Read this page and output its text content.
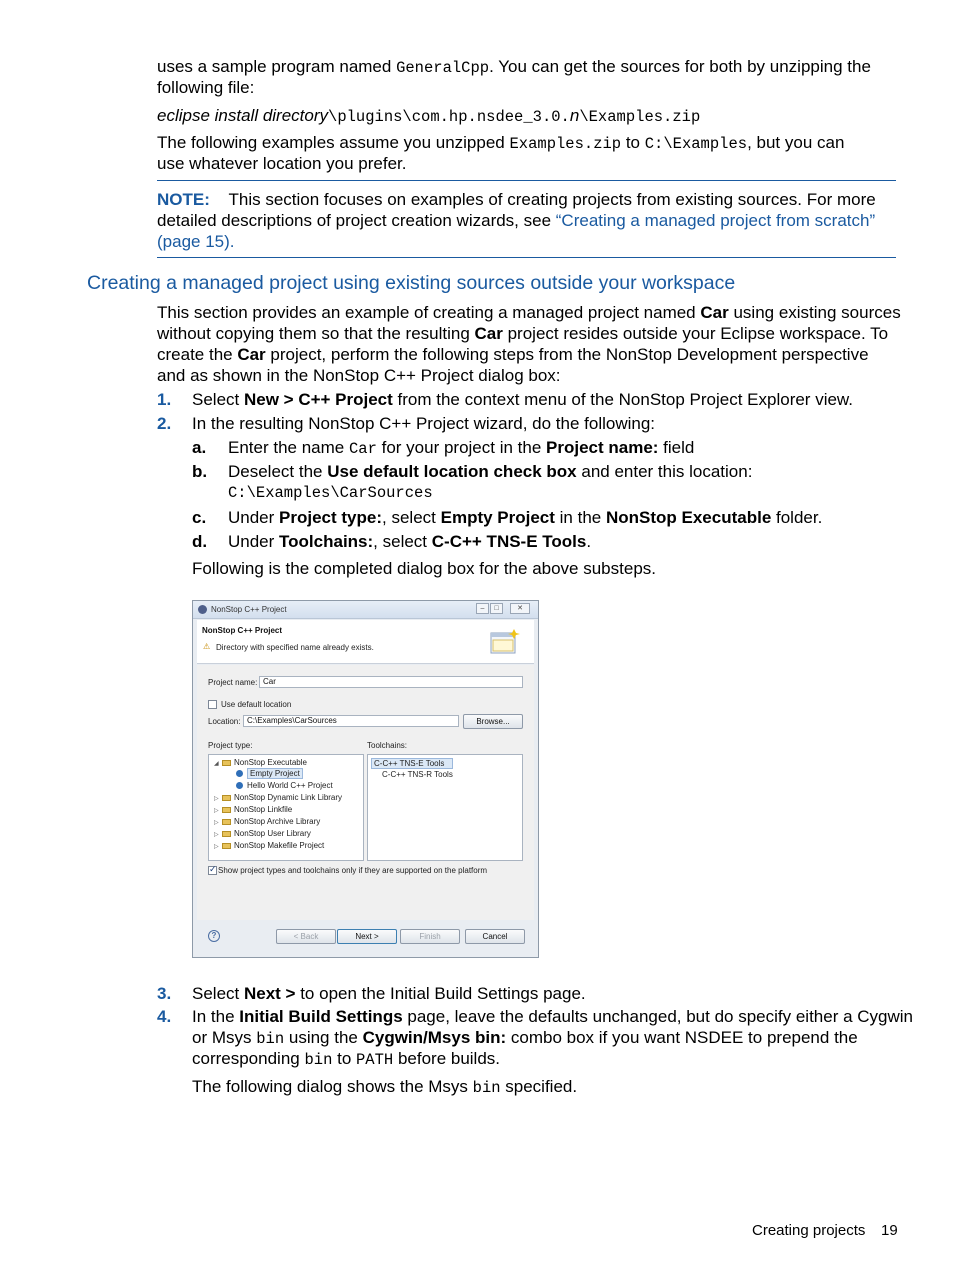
uses a sample program named GeneralCpp. You can get the sources for both by unzipping the
following file:
eclipse install directory\plugins\com.hp.nsdee_3.0.n\Examples.zip
The following examples assume you unzipped Examples.zip to C:\Examples, but you can
use whatever location you prefer.
NOTE: This section focuses on examples of creating projects from existing sources. For more
detailed descriptions of project creation wizards, see “Creating a managed project from scratch”
(page 15).
Creating a managed project using existing sources outside your workspace
This section provides an example of creating a managed project named Car using existing sources
without copying them so that the resulting Car project resides outside your Eclipse workspace. To
create the Car project, perform the following steps from the NonStop Development perspective
and as shown in the NonStop C++ Project dialog box:
1. Select New > C++ Project from the context menu of the NonStop Project Explorer view.
2. In the resulting NonStop C++ Project wizard, do the following:
a. Enter the name Car for your project in the Project name: field
b. Deselect the Use default location check box and enter this location:
C:\Examples\CarSources
c. Under Project type:, select Empty Project in the NonStop Executable folder.
d. Under Toolchains:, select C-C++ TNS-E Tools.
Following is the completed dialog box for the above substeps.
NonStop C++ Project	–	□	✕
NonStop C++ Project
⚠ Directory with specified name already exists.
Project name: Car
Use default location
Location: C:\Examples\CarSources	Browse...
Project type:	Toolchains:
◢ NonStop Executable
Empty Project
Hello World C++ Project
▷ NonStop Dynamic Link Library
▷ NonStop Linkfile
▷ NonStop Archive Library
▷ NonStop User Library
▷ NonStop Makefile Project
C-C++ TNS-E Tools
C-C++ TNS-R Tools
✓
Show project types and toolchains only if they are supported on the platform
?	< Back	Next >	Finish	Cancel
3. Select Next > to open the Initial Build Settings page.
4. In the Initial Build Settings page, leave the defaults unchanged, but do specify either a Cygwin
or Msys bin using the Cygwin/Msys bin: combo box if you want NSDEE to prepend the
corresponding bin to PATH before builds.
The following dialog shows the Msys bin specified.
Creating projects 19
